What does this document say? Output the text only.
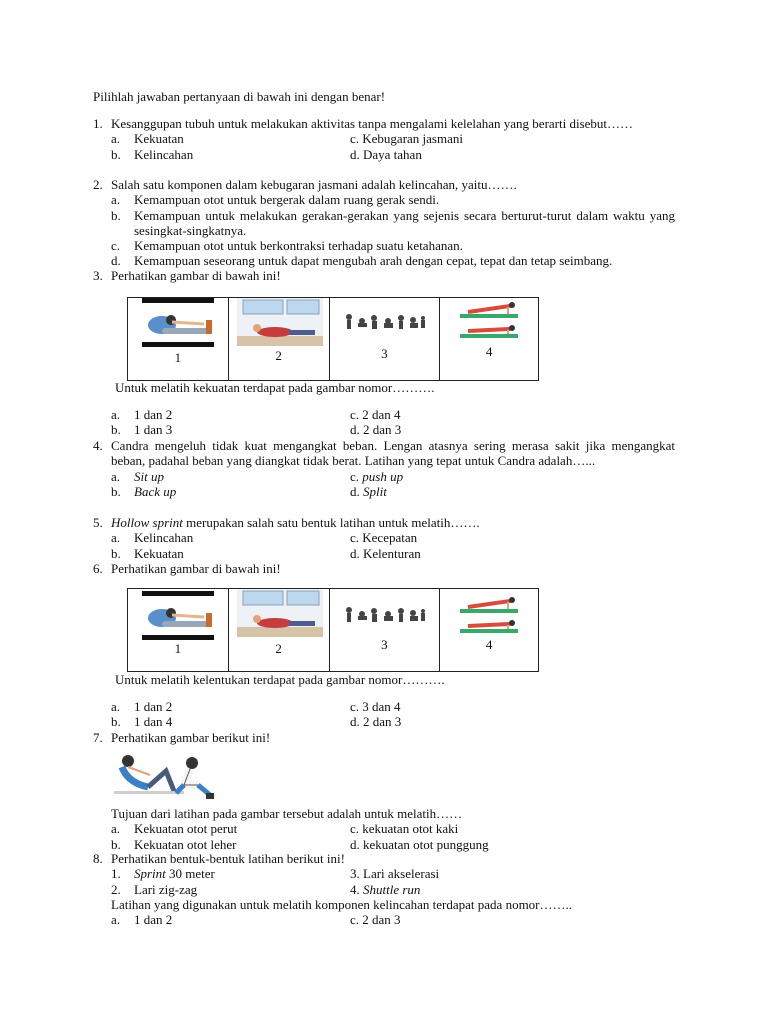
Pilihlah jawaban pertanyaan di bawah ini dengan benar!
1. Kesanggupan tubuh untuk melakukan aktivitas tanpa mengalami kelelahan yang berarti disebut……
a. Kekuatan	c. Kebugaran jasmani
b. Kelincahan	d. Daya tahan
2. Salah satu komponen dalam kebugaran jasmani adalah kelincahan, yaitu…….
a. Kemampuan otot untuk bergerak dalam ruang gerak sendi.
b. Kemampuan untuk melakukan gerakan-gerakan yang sejenis secara berturut-turut dalam waktu yang sesingkat-singkatnya.
c. Kemampuan otot untuk berkontraksi terhadap suatu ketahanan.
d. Kemampuan seseorang untuk dapat mengubah arah dengan cepat, tepat dan tetap seimbang.
3. Perhatikan gambar di bawah ini!
1	2	3	4
Untuk melatih kekuatan terdapat pada gambar nomor……….
a. 1 dan 2	c. 2 dan 4
b. 1 dan 3	d. 2 dan 3
4. Candra mengeluh tidak kuat mengangkat beban. Lengan atasnya sering merasa sakit jika mengangkat beban, padahal beban yang diangkat tidak berat. Latihan yang tepat untuk Candra adalah…...
a. Sit up	c. push up
b. Back up	d. Split
5. Hollow sprint merupakan salah satu bentuk latihan untuk melatih…….
a. Kelincahan	c. Kecepatan
b. Kekuatan	d. Kelenturan
6. Perhatikan gambar di bawah ini!
1	2	3	4
Untuk melatih kelentukan terdapat pada gambar nomor……….
a. 1 dan 2	c. 3 dan 4
b. 1 dan 4	d. 2 dan 3
7. Perhatikan gambar berikut ini!
Tujuan dari latihan pada gambar tersebut adalah untuk melatih……
a. Kekuatan otot perut	c. kekuatan otot kaki
b. Kekuatan otot leher	d. kekuatan otot punggung
8. Perhatikan bentuk-bentuk latihan berikut ini!
1. Sprint 30 meter	3. Lari akselerasi
2. Lari zig-zag	4. Shuttle run
Latihan yang digunakan untuk melatih komponen kelincahan terdapat pada nomor……..
a. 1 dan 2	c. 2 dan 3
